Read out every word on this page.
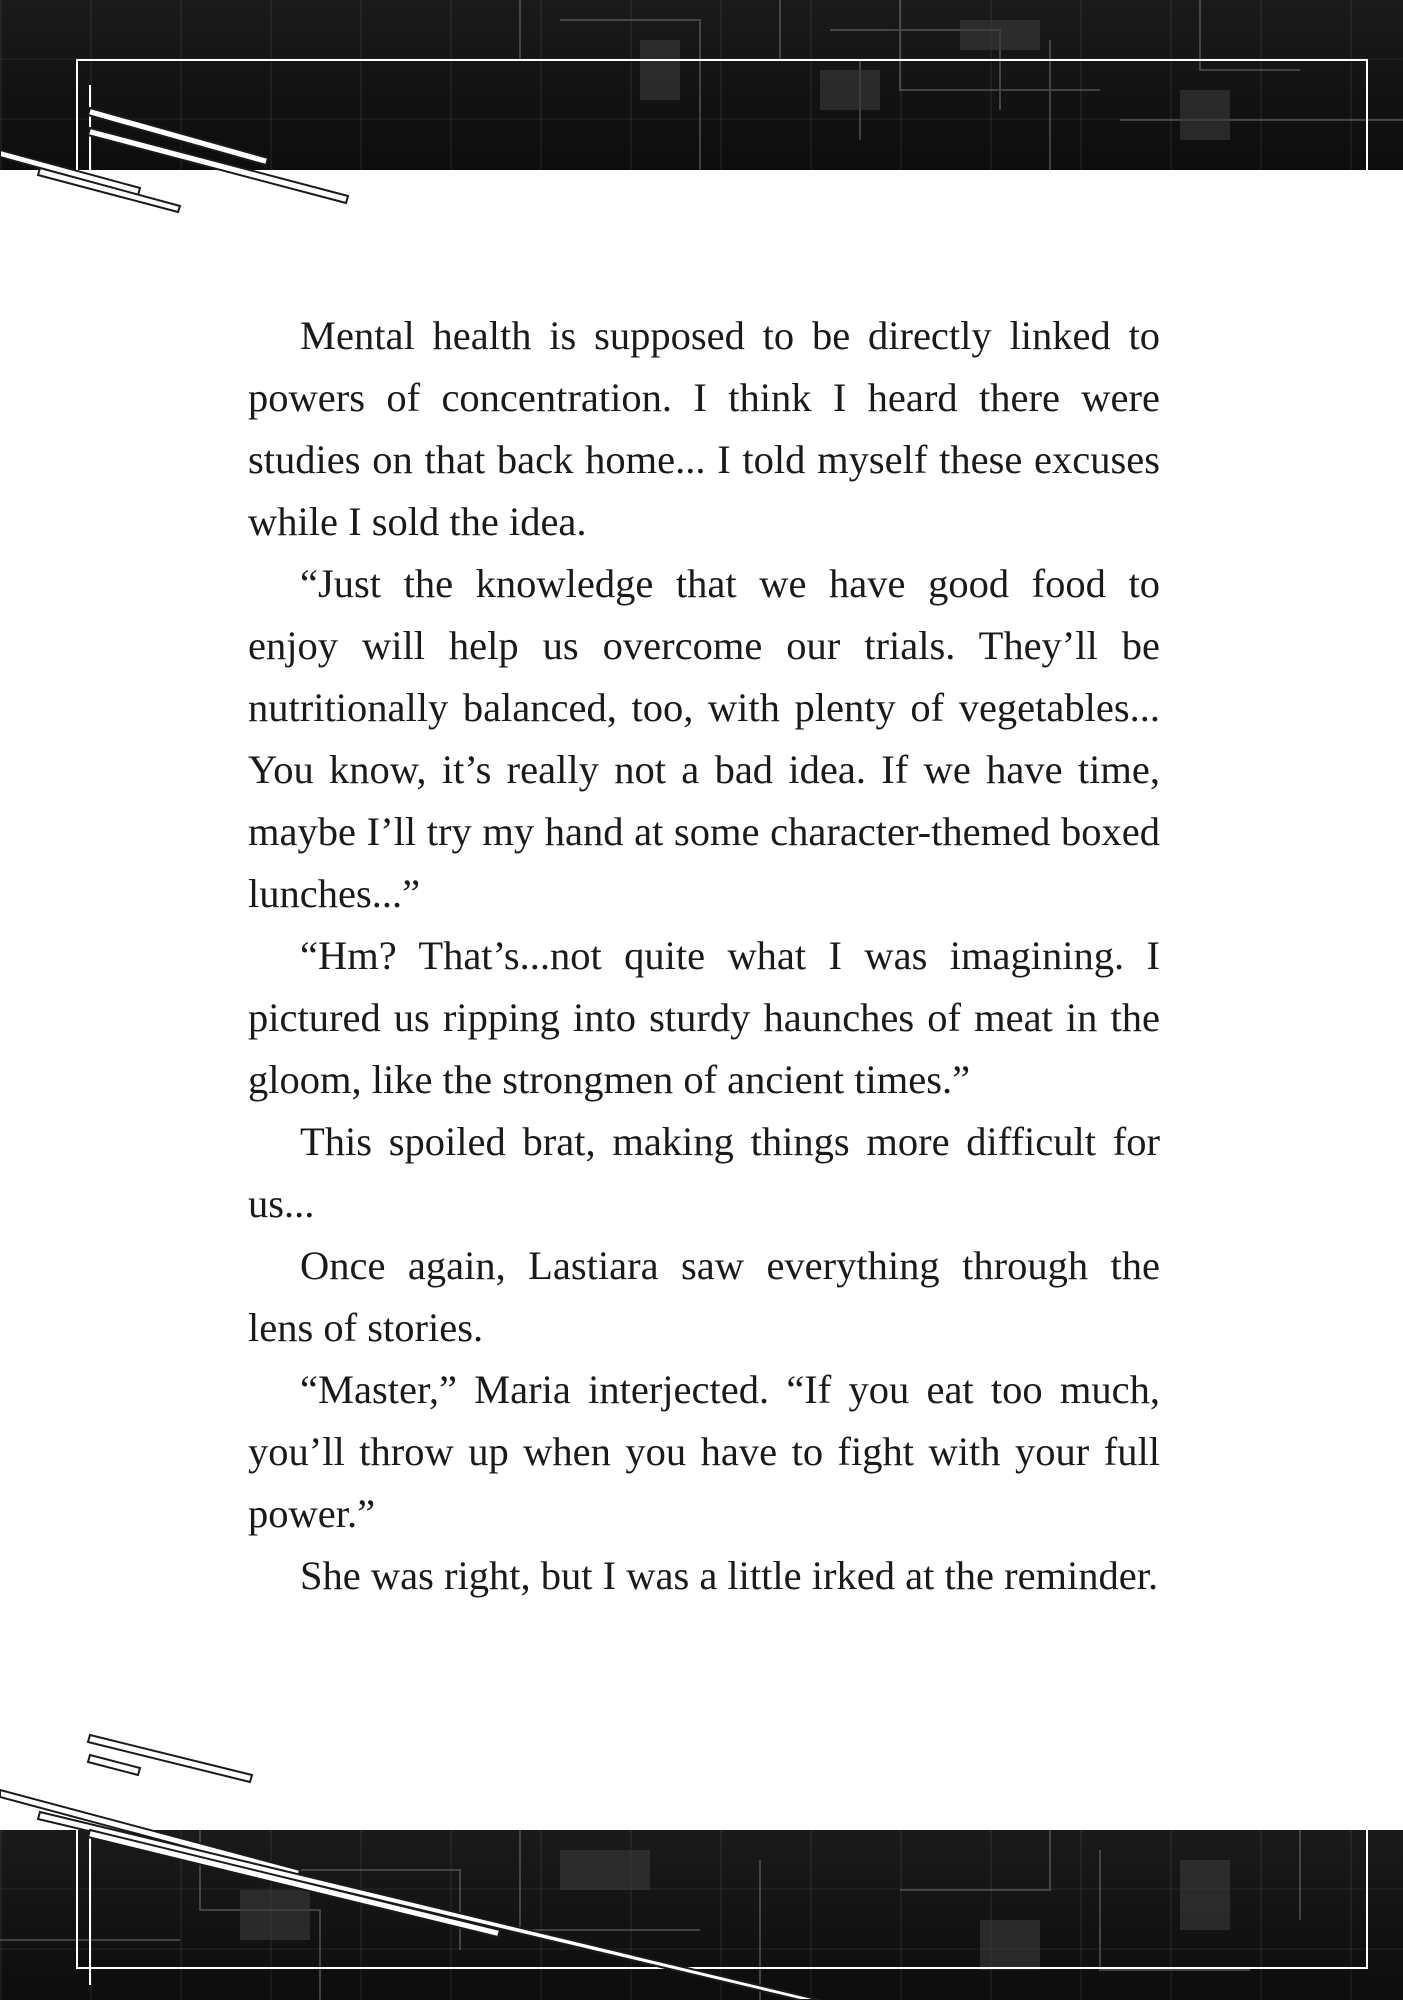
Mental health is supposed to be directly linked to powers of concentration. I think I heard there were studies on that back home... I told myself these excuses while I sold the idea.

“Just the knowledge that we have good food to enjoy will help us overcome our trials. They’ll be nutritionally balanced, too, with plenty of vegetables... You know, it’s really not a bad idea. If we have time, maybe I’ll try my hand at some character-themed boxed lunches...”

“Hm? That’s...not quite what I was imagining. I pictured us ripping into sturdy haunches of meat in the gloom, like the strongmen of ancient times.”

This spoiled brat, making things more difficult for us...

Once again, Lastiara saw everything through the lens of stories.

“Master,” Maria interjected. “If you eat too much, you’ll throw up when you have to fight with your full power.”

She was right, but I was a little irked at the reminder.
